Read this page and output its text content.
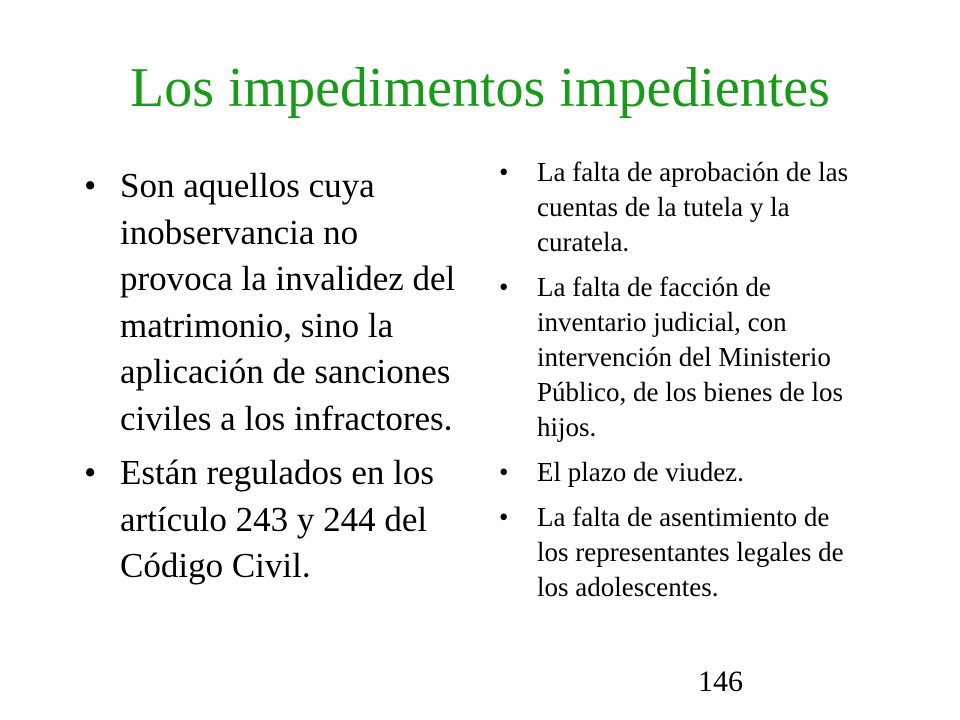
Los impedimentos impedientes
• Son aquellos cuya inobservancia no provoca la invalidez del matrimonio, sino la aplicación de sanciones civiles a los infractores.
• Están regulados en los artículo 243 y 244 del Código Civil.
• La falta de aprobación de las cuentas de la tutela y la curatela.
• La falta de facción de inventario judicial, con intervención del Ministerio Público, de los bienes de los hijos.
• El plazo de viudez.
• La falta de asentimiento de los representantes legales de los adolescentes.
146
